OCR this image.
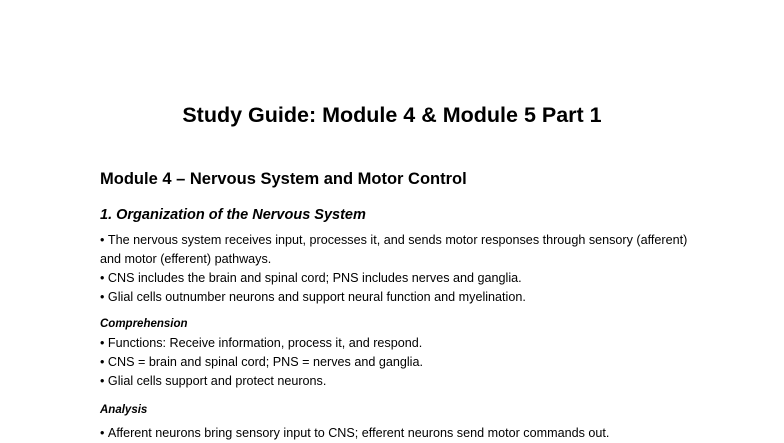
Study Guide: Module 4 & Module 5 Part 1
Module 4 – Nervous System and Motor Control
1. Organization of the Nervous System
• The nervous system receives input, processes it, and sends motor responses through sensory (afferent) and motor (efferent) pathways.
• CNS includes the brain and spinal cord; PNS includes nerves and ganglia.
• Glial cells outnumber neurons and support neural function and myelination.
Comprehension
• Functions: Receive information, process it, and respond.
• CNS = brain and spinal cord; PNS = nerves and ganglia.
• Glial cells support and protect neurons.
Analysis
• Afferent neurons bring sensory input to CNS; efferent neurons send motor commands out.
